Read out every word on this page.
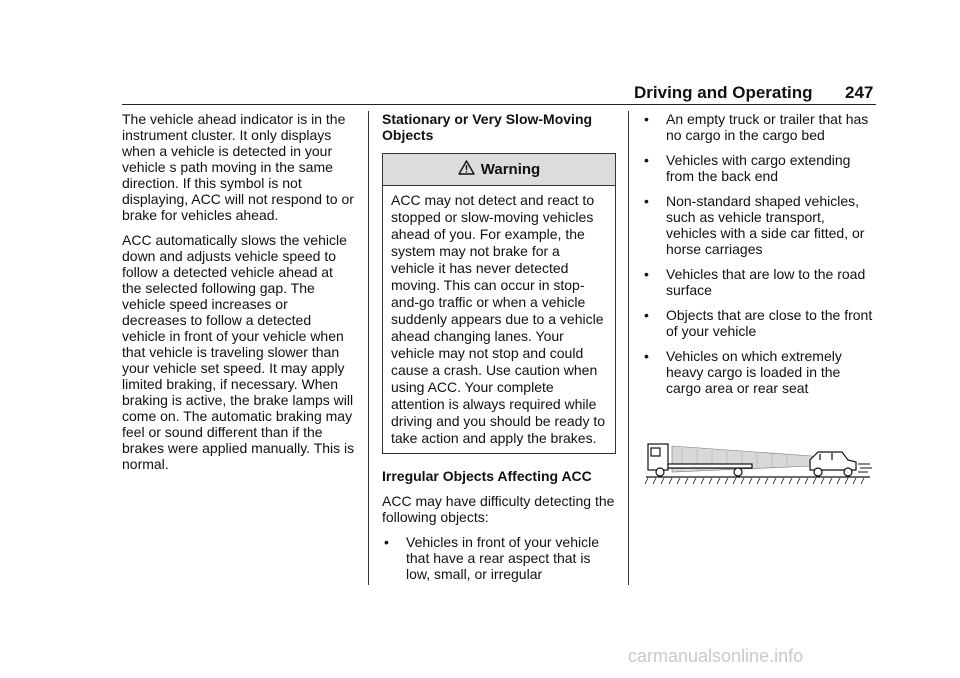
Driving and Operating 247

The vehicle ahead indicator is in the instrument cluster. It only displays when a vehicle is detected in your vehicle s path moving in the same direction. If this symbol is not displaying, ACC will not respond to or brake for vehicles ahead.

ACC automatically slows the vehicle down and adjusts vehicle speed to follow a detected vehicle ahead at the selected following gap. The vehicle speed increases or decreases to follow a detected vehicle in front of your vehicle when that vehicle is traveling slower than your vehicle set speed. It may apply limited braking, if necessary. When braking is active, the brake lamps will come on. The automatic braking may feel or sound different than if the brakes were applied manually. This is normal.

Stationary or Very Slow-Moving Objects
Warning
ACC may not detect and react to stopped or slow-moving vehicles ahead of you. For example, the system may not brake for a vehicle it has never detected moving. This can occur in stop-and-go traffic or when a vehicle suddenly appears due to a vehicle ahead changing lanes. Your vehicle may not stop and could cause a crash. Use caution when using ACC. Your complete attention is always required while driving and you should be ready to take action and apply the brakes.
Irregular Objects Affecting ACC

ACC may have difficulty detecting the following objects:

•	Vehicles in front of your vehicle that have a rear aspect that is low, small, or irregular
•	An empty truck or trailer that has no cargo in the cargo bed
•	Vehicles with cargo extending from the back end
•	Non-standard shaped vehicles, such as vehicle transport, vehicles with a side car fitted, or horse carriages
•	Vehicles that are low to the road surface
•	Objects that are close to the front of your vehicle
•	Vehicles on which extremely heavy cargo is loaded in the cargo area or rear seat
carmanualsonline.info
